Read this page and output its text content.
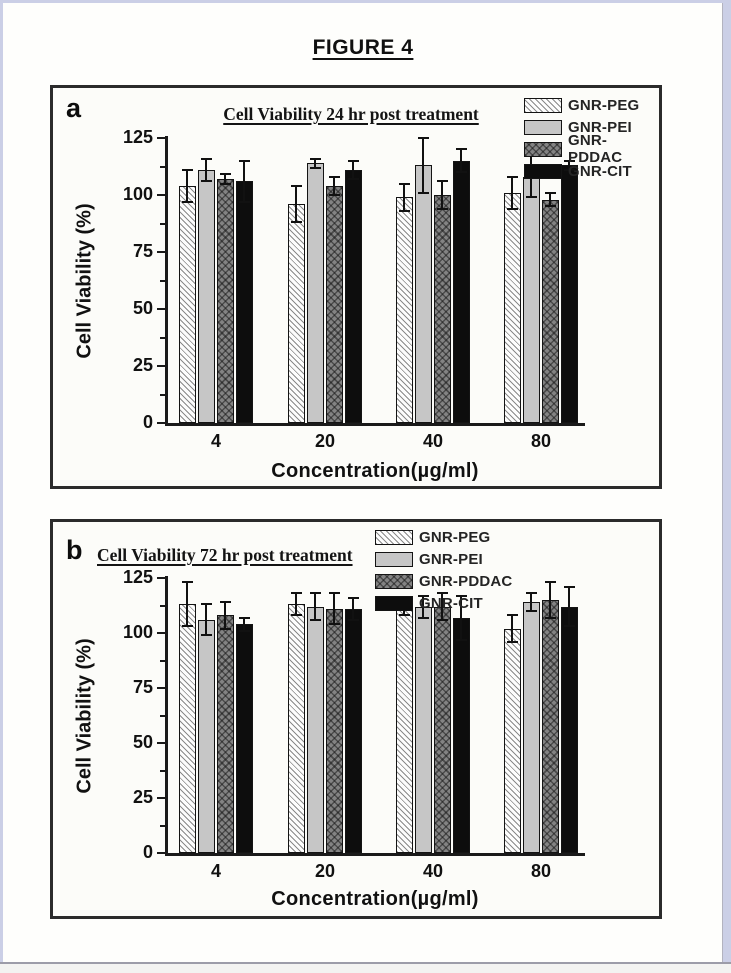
FIGURE 4
a	Cell Viability 24 hr post treatment
Cell Viability (%)
Concentration(µg/ml)
0
25
50
75
100
125
4	20	40	80
GNR-PEG
GNR-PEI
GNR-PDDAC
GNR-CIT
b Cell Viability 72 hr post treatment
Cell Viability (%)
Concentration(µg/ml)
0
25
50
75
100
125
4	20	40	80
GNR-PEG
GNR-PEI
GNR-PDDAC
GNR-CIT
